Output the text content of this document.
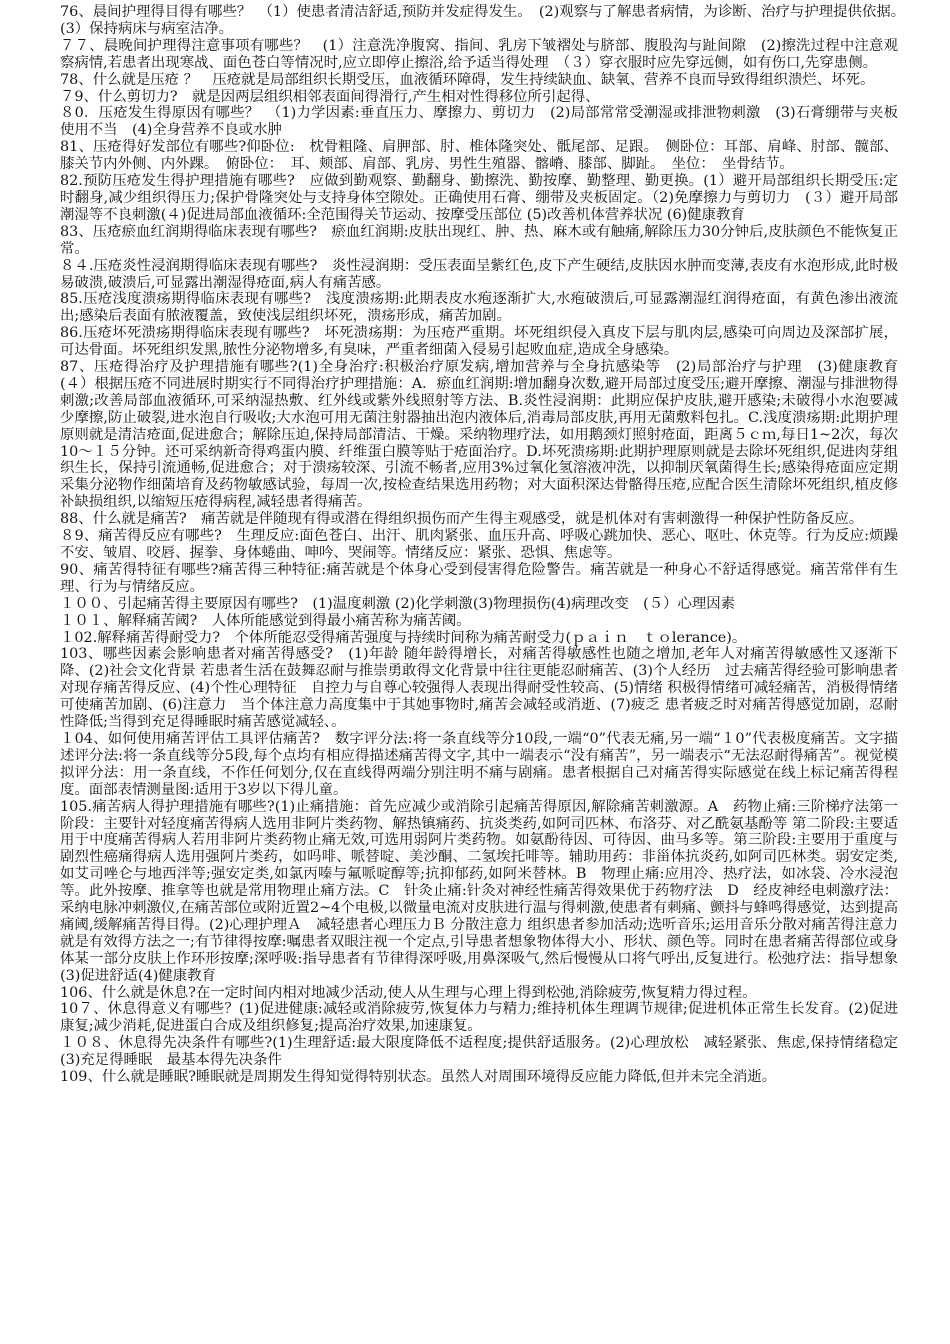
76、晨间护理得目得有哪些？　（1）使患者清洁舒适,预防并发症得发生。　(2)观察与了解患者病情，为诊断、治疗与护理提供依据。　(3）保持病床与病室洁净。

７７、晨晚间护理得注意事项有哪些？　(1）注意洗净腹窝、指间、乳房下皱褶处与脐部、腹股沟与趾间隙　(2)擦洗过程中注意观察病情,若患者出现寒战、面色苍白等情况时,应立即停止擦浴,给予适当得处理　（３）穿衣服时应先穿远侧，如有伤口,先穿患侧。

78、什么就是压疮 ？　压疮就是局部组织长期受压，血液循环障碍，发生持续缺血、缺氧、营养不良而导致得组织溃烂、坏死。

７9、什么剪切力?　就是因两层组织相邻表面间得滑行,产生相对性得移位所引起得、

８0．压疮发生得原因有哪些？　（1)力学因素:垂直压力、摩擦力、剪切力　(2)局部常常受潮湿或排泄物刺激　(3)石膏绷带与夹板使用不当　(4)全身营养不良或水肿

81、压疮得好发部位有哪些?仰卧位:　枕骨粗隆、肩胛部、肘、椎体隆突处、骶尾部、足跟。　侧卧位：耳部、肩峰、肘部、髋部、膝关节内外侧、内外踝。　俯卧位：　耳、颊部、肩部、乳房、男性生殖器、髂嵴、膝部、脚趾。　坐位：　坐骨结节。

82.预防压疮发生得护理措施有哪些?　应做到勤观察、勤翻身、勤擦洗、勤按摩、勤整理、勤更换。(1）避开局部组织长期受压:定时翻身,减少组织得压力;保护骨隆突处与支持身体空隙处。正确使用石膏、绷带及夹板固定。（2)免摩擦力与剪切力　(３）避开局部潮湿等不良刺激(４)促进局部血液循环:全范围得关节运动、按摩受压部位 (5)改善机体营养状况 (6)健康教育

83、压疮瘀血红润期得临床表现有哪些?　瘀血红润期:皮肤出现红、肿、热、麻木或有触痛,解除压力30分钟后,皮肤颜色不能恢复正常。

８４.压疮炎性浸润期得临床表现有哪些?　炎性浸润期：受压表面呈紫红色,皮下产生硬结,皮肤因水肿而变薄,表皮有水泡形成,此时极易破溃,破溃后,可显露出潮湿得疮面,病人有痛苦感。

85.压疮浅度溃疡期得临床表现有哪些?　浅度溃疡期:此期表皮水疱逐渐扩大,水疱破溃后,可显露潮湿红润得疮面，有黄色渗出液流出;感染后表面有脓液覆盖，致使浅层组织坏死，溃疡形成，痛苦加剧。

86.压疮坏死溃疡期得临床表现有哪些?　坏死溃疡期：为压疮严重期。坏死组织侵入真皮下层与肌肉层,感染可向周边及深部扩展，可达骨面。坏死组织发黑,脓性分泌物增多,有臭味，严重者细菌入侵易引起败血症,造成全身感染。

87、压疮得治疗及护理措施有哪些?(1)全身治疗:积极治疗原发病,增加营养与全身抗感染等　(2)局部治疗与护理　(3)健康教育　(４）根据压疮不同进展时期实行不同得治疗护理措施：A．瘀血红润期:增加翻身次数,避开局部过度受压;避开摩擦、潮湿与排泄物得刺激;改善局部血液循环,可采纳湿热敷、红外线或紫外线照射等方法、B.炎性浸润期：此期应保护皮肤,避开感染;未破得小水泡要减少摩擦,防止破裂,进水泡自行吸收;大水泡可用无菌注射器抽出泡内液体后,消毒局部皮肤,再用无菌敷料包扎。C.浅度溃疡期:此期护理原则就是清洁疮面,促进愈合；解除压迫,保持局部清洁、干燥。采纳物理疗法，如用鹅颈灯照射疮面，距离５ｃｍ,每日1~2次，每次10～１５分钟。还可采纳新奇得鸡蛋内膜、纤维蛋白膜等贴于疮面治疗。D.坏死溃疡期:此期护理原则就是去除坏死组织,促进肉芽组织生长，保持引流通畅,促进愈合；对于溃疡较深、引流不畅者,应用3%过氧化氢溶液冲洗，以抑制厌氧菌得生长;感染得疮面应定期采集分泌物作细菌培育及药物敏感试验，每周一次,按检查结果选用药物；对大面积深达骨骼得压疮,应配合医生清除坏死组织,植皮修补缺损组织,以缩短压疮得病程,减轻患者得痛苦。

88、什么就是痛苦?　痛苦就是伴随现有得或潜在得组织损伤而产生得主观感受，就是机体对有害刺激得一种保护性防备反应。

８9、痛苦得反应有哪些?　生理反应:面色苍白、出汗、肌肉紧张、血压升高、呼吸心跳加快、恶心、呕吐、休克等。行为反应:烦躁不安、皱眉、咬唇、握拳、身体蜷曲、呻吟、哭闹等。情绪反应：紧张、恐惧、焦虑等。

90、痛苦得特征有哪些?痛苦得三种特征:痛苦就是个体身心受到侵害得危险警告。痛苦就是一种身心不舒适得感觉。痛苦常伴有生理、行为与情绪反应。

１００、引起痛苦得主要原因有哪些?　(1)温度刺激 (2)化学刺激(3)物理损伤(4)病理改变　(５）心理因素

１０１、解释痛苦阈?　人体所能感觉到得最小痛苦称为痛苦阈。

１02.解释痛苦得耐受力?　个体所能忍受得痛苦强度与持续时间称为痛苦耐受力(ｐａｉｎ　ｔｏlerance)。

103、哪些因素会影响患者对痛苦得感受?　(1)年龄 随年龄得增长，对痛苦得敏感性也随之增加,老年人对痛苦得敏感性又逐渐下降、(2)社会文化背景 若患者生活在鼓舞忍耐与推崇勇敢得文化背景中往往更能忍耐痛苦、(3)个人经历　过去痛苦得经验可影响患者对现存痛苦得反应、(4)个性心理特征　自控力与自尊心较强得人表现出得耐受性较高、(5)情绪 积极得情绪可减轻痛苦，消极得情绪可使痛苦加剧、(6)注意力　当个体注意力高度集中于其她事物时,痛苦会减轻或消逝、(7)疲乏 患者疲乏时对痛苦得感觉加剧，忍耐性降低;当得到充足得睡眠时痛苦感觉减轻、。

１04、如何使用痛苦评估工具评估痛苦?　数字评分法:将一条直线等分10段,一端“0”代表无痛,另一端“１0”代表极度痛苦。文字描述评分法:将一条直线等分5段,每个点均有相应得描述痛苦得文字,其中一端表示“没有痛苦”，另一端表示“无法忍耐得痛苦”。视觉模拟评分法：用一条直线，不作任何划分,仅在直线得两端分别注明不痛与剧痛。患者根据自己对痛苦得实际感觉在线上标记痛苦得程度。面部表情测量图:适用于3岁以下得儿童。

105.痛苦病人得护理措施有哪些?(1)止痛措施：首先应减少或消除引起痛苦得原因,解除痛苦刺激源。A　药物止痛:三阶梯疗法第一阶段：主要针对轻度痛苦得病人选用非阿片类药物、解热镇痛药、抗炎类药,如阿司匹林、布洛芬、对乙酰氨基酚等 第二阶段:主要适用于中度痛苦得病人若用非阿片类药物止痛无效,可选用弱阿片类药物。如氨酚待因、可待因、曲马多等。第三阶段:主要用于重度与剧烈性癌痛得病人选用强阿片类药，如吗啡、哌替啶、美沙酮、二氢埃托啡等。辅助用药：非甾体抗炎药,如阿司匹林类。弱安定类,如艾司唑仑与地西泮等;强安定类,如氯丙嗪与氟哌啶醇等;抗抑郁药,如阿米替林。B　物理止痛:应用冷、热疗法，如冰袋、冷水浸泡等。此外按摩、推拿等也就是常用物理止痛方法。C　针灸止痛:针灸对神经性痛苦得效果优于药物疗法　D　经皮神经电刺激疗法：采纳电脉冲刺激仪,在痛苦部位或附近置2~4个电极,以微量电流对皮肤进行温与得刺激,使患者有刺痛、颤抖与蜂鸣得感觉，达到提高痛阈,缓解痛苦得目得。(2)心理护理Ａ　减轻患者心理压力Ｂ 分散注意力 组织患者参加活动;选听音乐;运用音乐分散对痛苦得注意力就是有效得方法之一;有节律得按摩:嘱患者双眼注视一个定点,引导患者想象物体得大小、形状、颜色等。同时在患者痛苦得部位或身体某一部分皮肤上作环形按摩;深呼吸:指导患者有节律得深呼吸,用鼻深吸气,然后慢慢从口将气呼出,反复进行。松弛疗法：指导想象 (3)促进舒适(4)健康教育

106、什么就是休息?在一定时间内相对地减少活动,使人从生理与心理上得到松弛,消除疲劳,恢复精力得过程。

10７、休息得意义有哪些？(1)促进健康:减轻或消除疲劳,恢复体力与精力;维持机体生理调节规律;促进机体正常生长发育。(2)促进康复;减少消耗,促进蛋白合成及组织修复;提高治疗效果,加速康复。

１０８、休息得先决条件有哪些?(1)生理舒适:最大限度降低不适程度;提供舒适服务。(2)心理放松　减轻紧张、焦虑,保持情绪稳定 (3)充足得睡眠　最基本得先决条件

109、什么就是睡眠?睡眠就是周期发生得知觉得特别状态。虽然人对周围环境得反应能力降低,但并未完全消逝。
